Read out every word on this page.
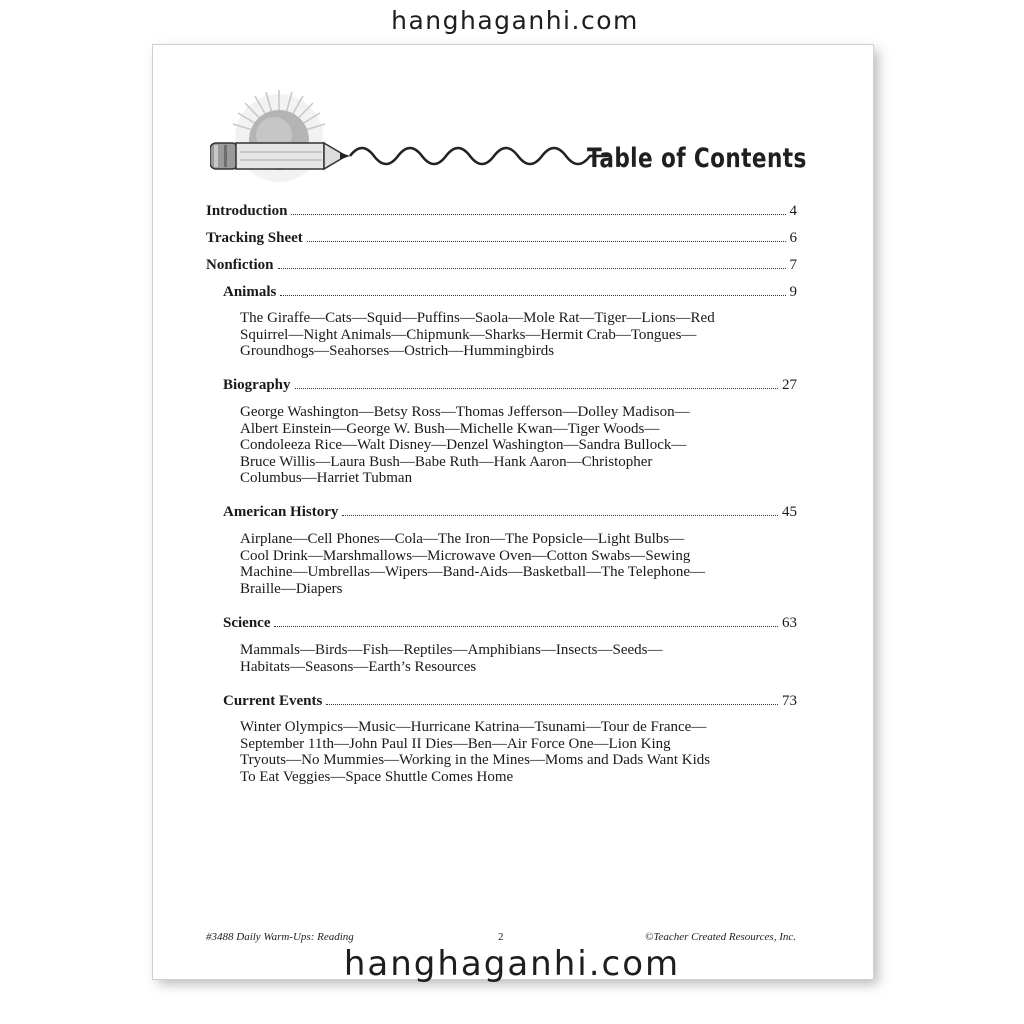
hanghaganhi.com
Table of Contents
Introduction	4
Tracking Sheet	6
Nonfiction	7
Animals	9
The Giraffe—Cats—Squid—Puffins—Saola—Mole Rat—Tiger—Lions—Red
Squirrel—Night Animals—Chipmunk—Sharks—Hermit Crab—Tongues—
Groundhogs—Seahorses—Ostrich—Hummingbirds
Biography	27
George Washington—Betsy Ross—Thomas Jefferson—Dolley Madison—
Albert Einstein—George W. Bush—Michelle Kwan—Tiger Woods—
Condoleeza Rice—Walt Disney—Denzel Washington—Sandra Bullock—
Bruce Willis—Laura Bush—Babe Ruth—Hank Aaron—Christopher
Columbus—Harriet Tubman
American History	45
Airplane—Cell Phones—Cola—The Iron—The Popsicle—Light Bulbs—
Cool Drink—Marshmallows—Microwave Oven—Cotton Swabs—Sewing
Machine—Umbrellas—Wipers—Band-Aids—Basketball—The Telephone—
Braille—Diapers
Science	63
Mammals—Birds—Fish—Reptiles—Amphibians—Insects—Seeds—
Habitats—Seasons—Earth’s Resources
Current Events	73
Winter Olympics—Music—Hurricane Katrina—Tsunami—Tour de France—
September 11th—John Paul II Dies—Ben—Air Force One—Lion King
Tryouts—No Mummies—Working in the Mines—Moms and Dads Want Kids
To Eat Veggies—Space Shuttle Comes Home
#3488 Daily Warm-Ups: Reading	2	©Teacher Created Resources, Inc.
hanghaganhi.com
